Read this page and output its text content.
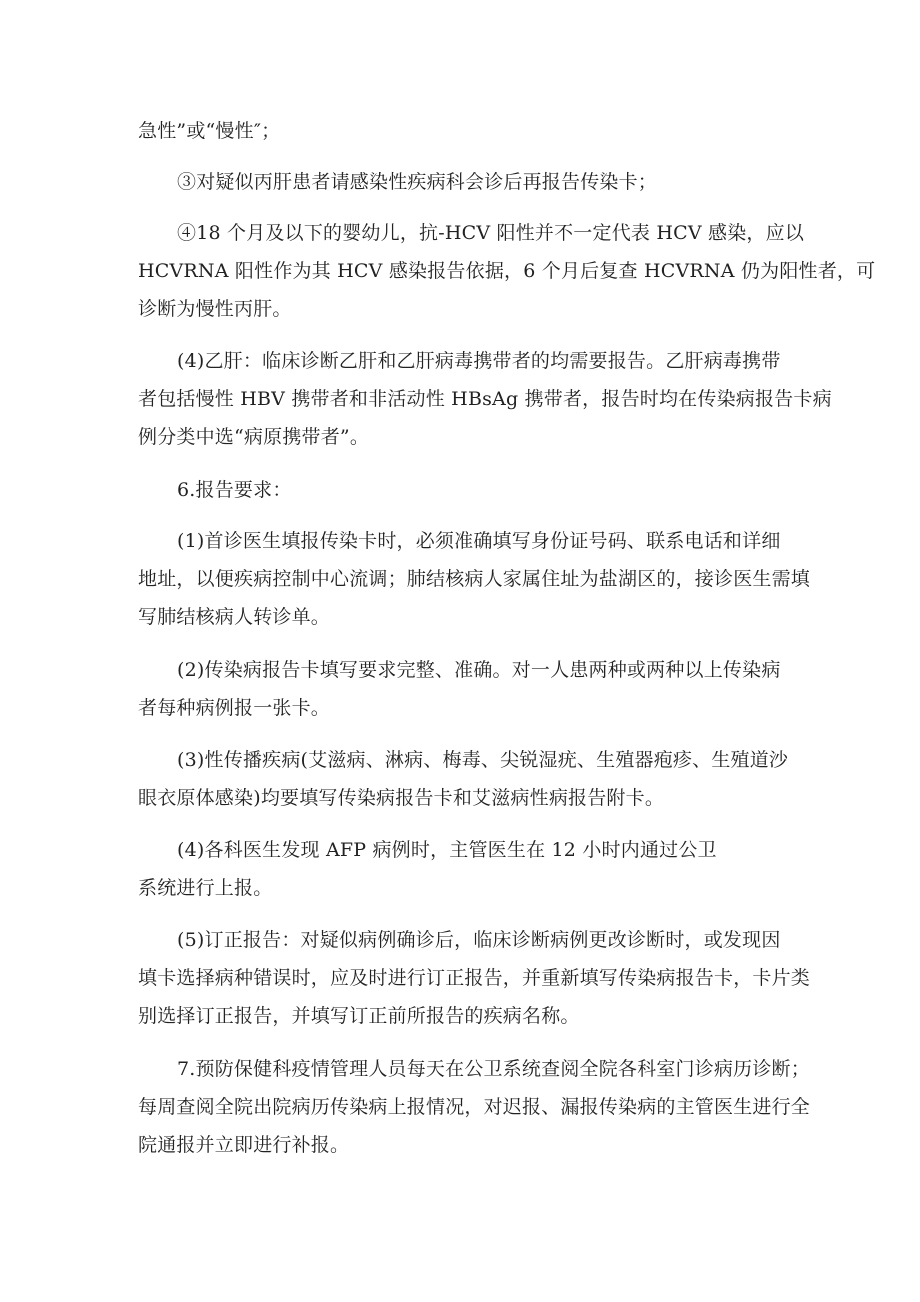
急性”或“慢性″；
③对疑似丙肝患者请感染性疾病科会诊后再报告传染卡；
④18 个月及以下的婴幼儿，抗-HCV 阳性并不一定代表 HCV 感染，应以
HCVRNA 阳性作为其 HCV 感染报告依据，6 个月后复查 HCVRNA 仍为阳性者，可
诊断为慢性丙肝。
(4)乙肝：临床诊断乙肝和乙肝病毒携带者的均需要报告。乙肝病毒携带
者包括慢性 HBV 携带者和非活动性 HBsAg 携带者，报告时均在传染病报告卡病
例分类中选“病原携带者”。
6.报告要求：
(1)首诊医生填报传染卡时，必须准确填写身份证号码、联系电话和详细
地址，以便疾病控制中心流调；肺结核病人家属住址为盐湖区的，接诊医生需填
写肺结核病人转诊单。
(2)传染病报告卡填写要求完整、准确。对一人患两种或两种以上传染病
者每种病例报一张卡。
(3)性传播疾病(艾滋病、淋病、梅毒、尖锐湿疣、生殖器疱疹、生殖道沙
眼衣原体感染)均要填写传染病报告卡和艾滋病性病报告附卡。
(4)各科医生发现 AFP 病例时，主管医生在 12 小时内通过公卫
系统进行上报。
(5)订正报告：对疑似病例确诊后，临床诊断病例更改诊断时，或发现因
填卡选择病种错误时，应及时进行订正报告，并重新填写传染病报告卡，卡片类
别选择订正报告，并填写订正前所报告的疾病名称。
7.预防保健科疫情管理人员每天在公卫系统查阅全院各科室门诊病历诊断；
每周查阅全院出院病历传染病上报情况，对迟报、漏报传染病的主管医生进行全
院通报并立即进行补报。
